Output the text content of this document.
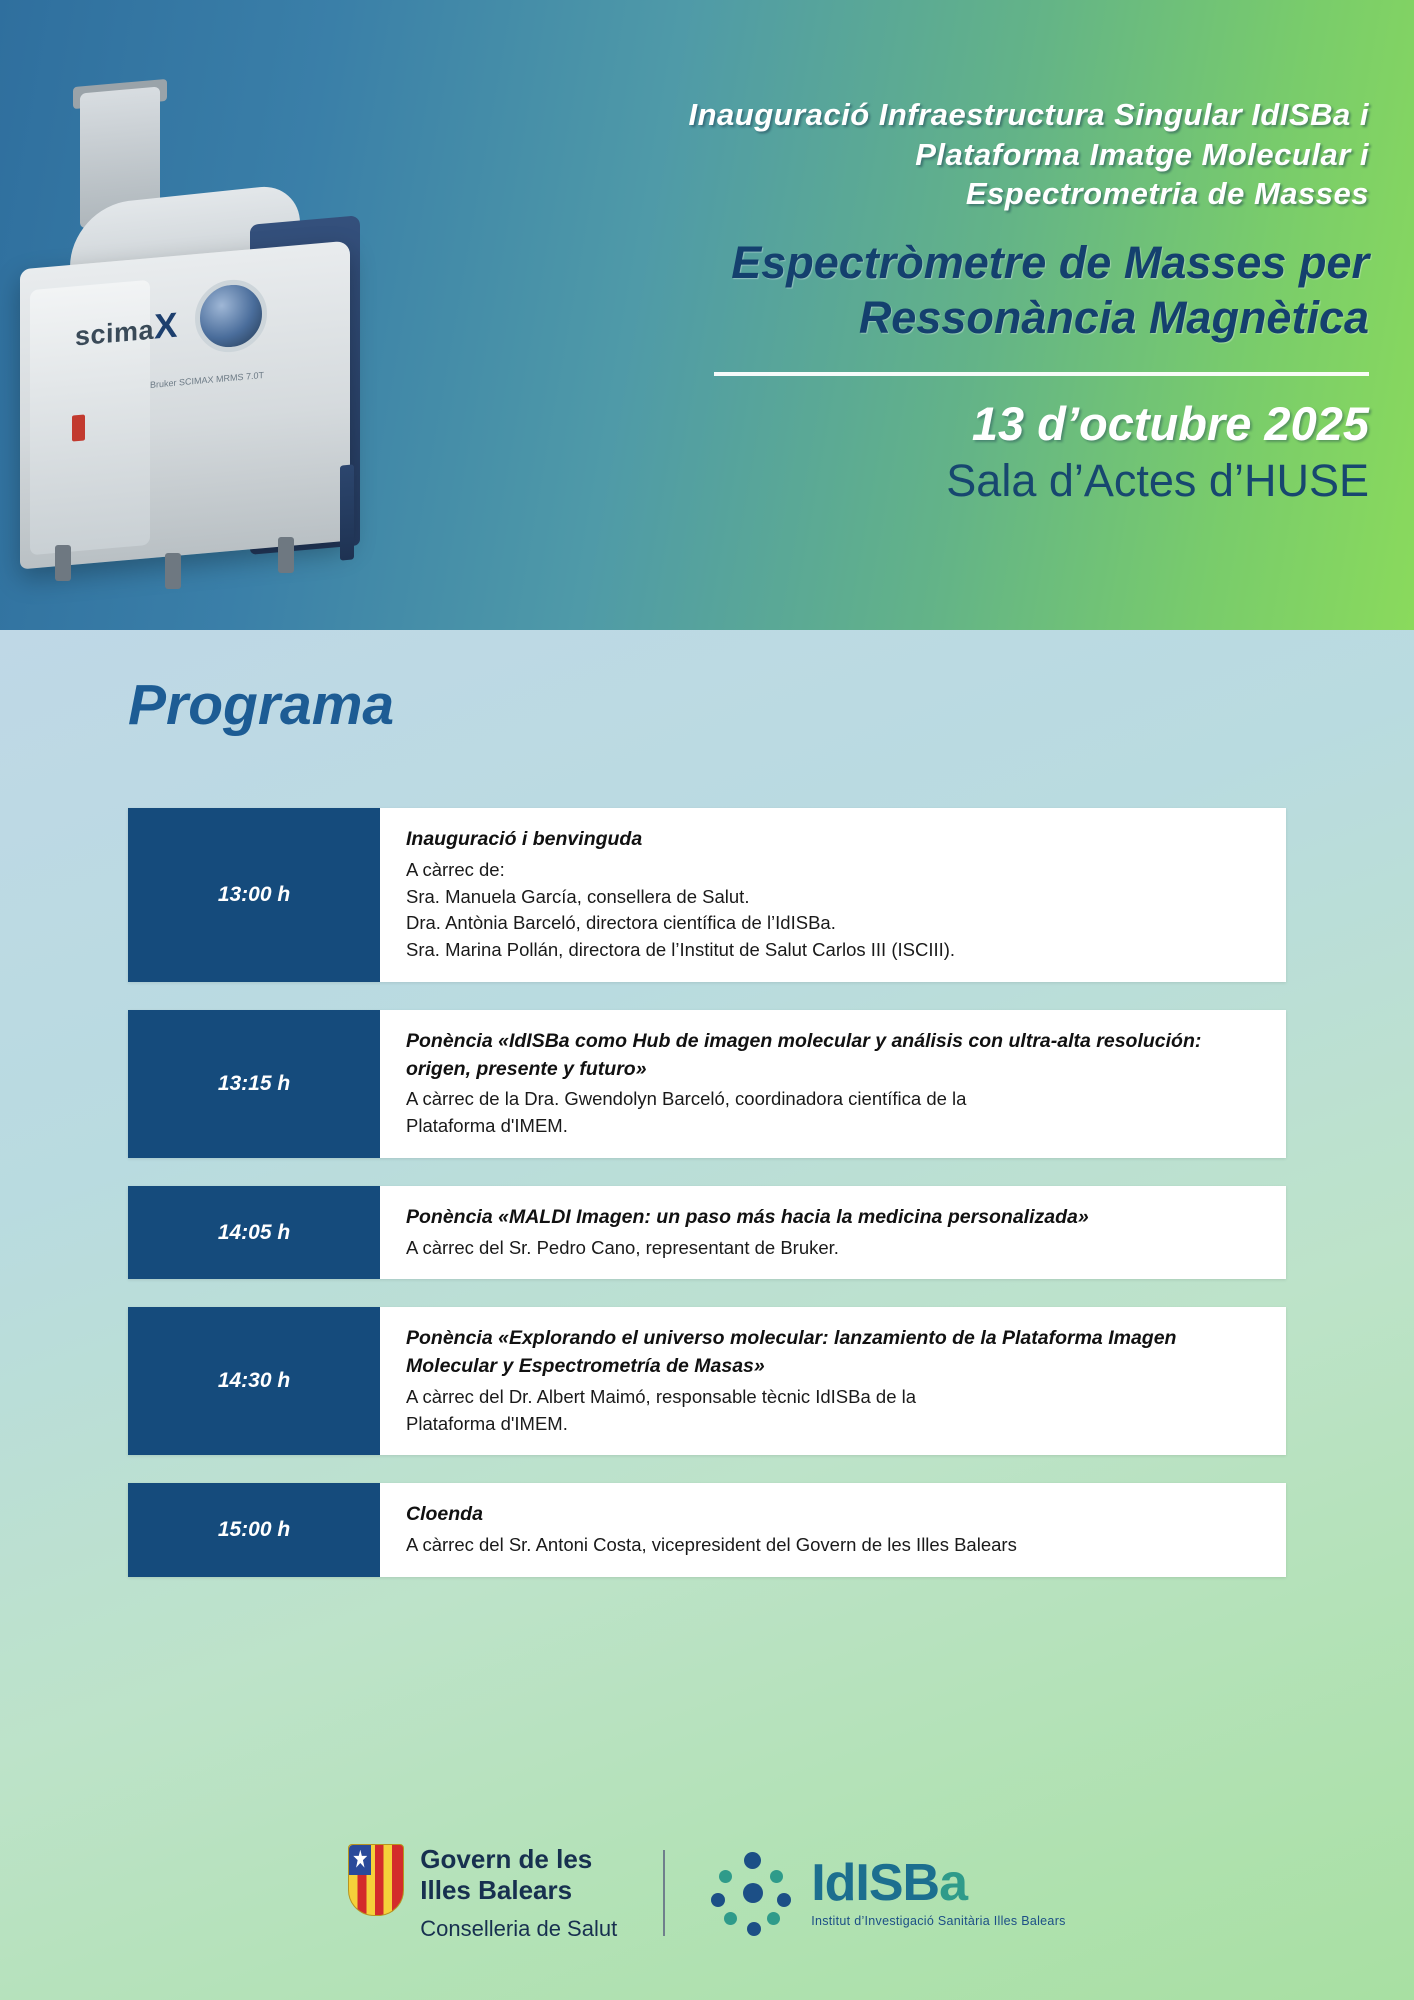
scimaX
Bruker SCIMAX MRMS 7.0T
Inauguració Infraestructura Singular IdISBa i
Plataforma Imatge Molecular i
Espectrometria de Masses
Espectròmetre de Masses per
Ressonància Magnètica
13 d’octubre 2025
Sala d’Actes d’HUSE
Programa
13:00 h
Inauguració i benvinguda
A càrrec de:
Sra. Manuela García, consellera de Salut.
Dra. Antònia Barceló, directora científica de l’IdISBa.
Sra. Marina Pollán, directora de l’Institut de Salut Carlos III (ISCIII).
13:15 h
Ponència «IdISBa como Hub de imagen molecular y análisis con ultra-alta resolución: origen, presente y futuro»
A càrrec de la Dra. Gwendolyn Barceló, coordinadora científica de la
Plataforma d'IMEM.
14:05 h
Ponència «MALDI Imagen: un paso más hacia la medicina personalizada»
A càrrec del Sr. Pedro Cano, representant de Bruker.
14:30 h
Ponència «Explorando el universo molecular: lanzamiento de la Plataforma Imagen Molecular y Espectrometría de Masas»
A càrrec del Dr. Albert Maimó, responsable tècnic IdISBa de la
Plataforma d'IMEM.
15:00 h
Cloenda
A càrrec del Sr. Antoni Costa, vicepresident del Govern de les Illes Balears
Govern de les
Illes Balears
Conselleria de Salut
IdISBa
Institut d’Investigació Sanitària Illes Balears
